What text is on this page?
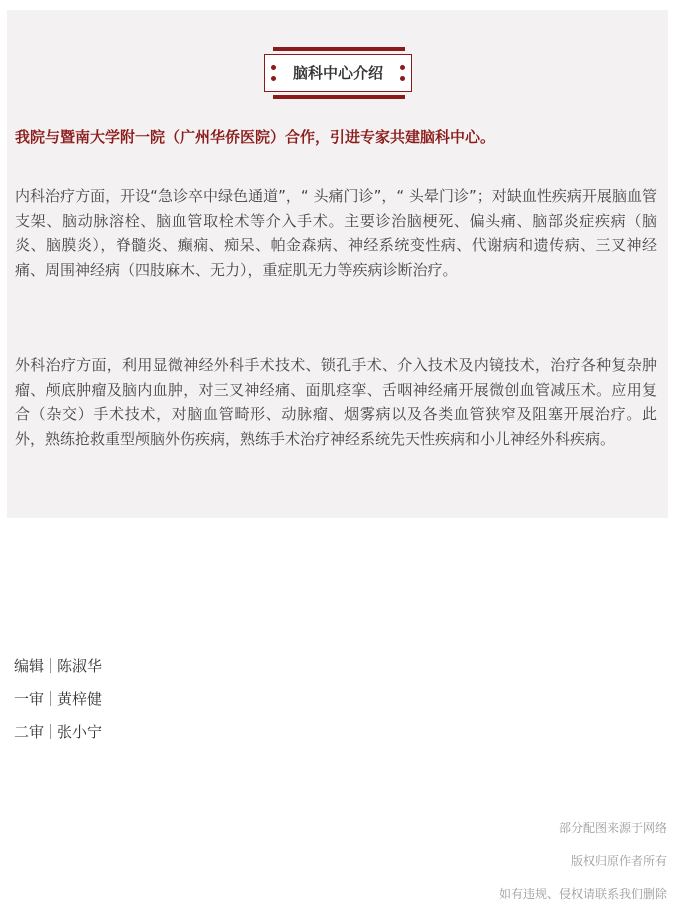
脑科中心介绍
我院与暨南大学附一院（广州华侨医院）合作，引进专家共建脑科中心。

内科治疗方面，开设“急诊卒中绿色通道”，“ 头痛门诊”，“ 头晕门诊”；对缺血性疾病开展脑血管支架、脑动脉溶栓、脑血管取栓术等介入手术。主要诊治脑梗死、偏头痛、脑部炎症疾病（脑炎、脑膜炎），脊髓炎、癫痫、痴呆、帕金森病、神经系统变性病、代谢病和遗传病、三叉神经痛、周围神经病（四肢麻木、无力），重症肌无力等疾病诊断治疗。

外科治疗方面，利用显微神经外科手术技术、锁孔手术、介入技术及内镜技术，治疗各种复杂肿瘤、颅底肿瘤及脑内血肿，对三叉神经痛、面肌痉挛、舌咽神经痛开展微创血管减压术。应用复合（杂交）手术技术，对脑血管畸形、动脉瘤、烟雾病以及各类血管狭窄及阻塞开展治疗。此外，熟练抢救重型颅脑外伤疾病，熟练手术治疗神经系统先天性疾病和小儿神经外科疾病。

编辑 陈淑华
一审 黄梓健
二审 张小宁
部分配图来源于网络
版权归原作者所有
如有违规、侵权请联系我们删除
